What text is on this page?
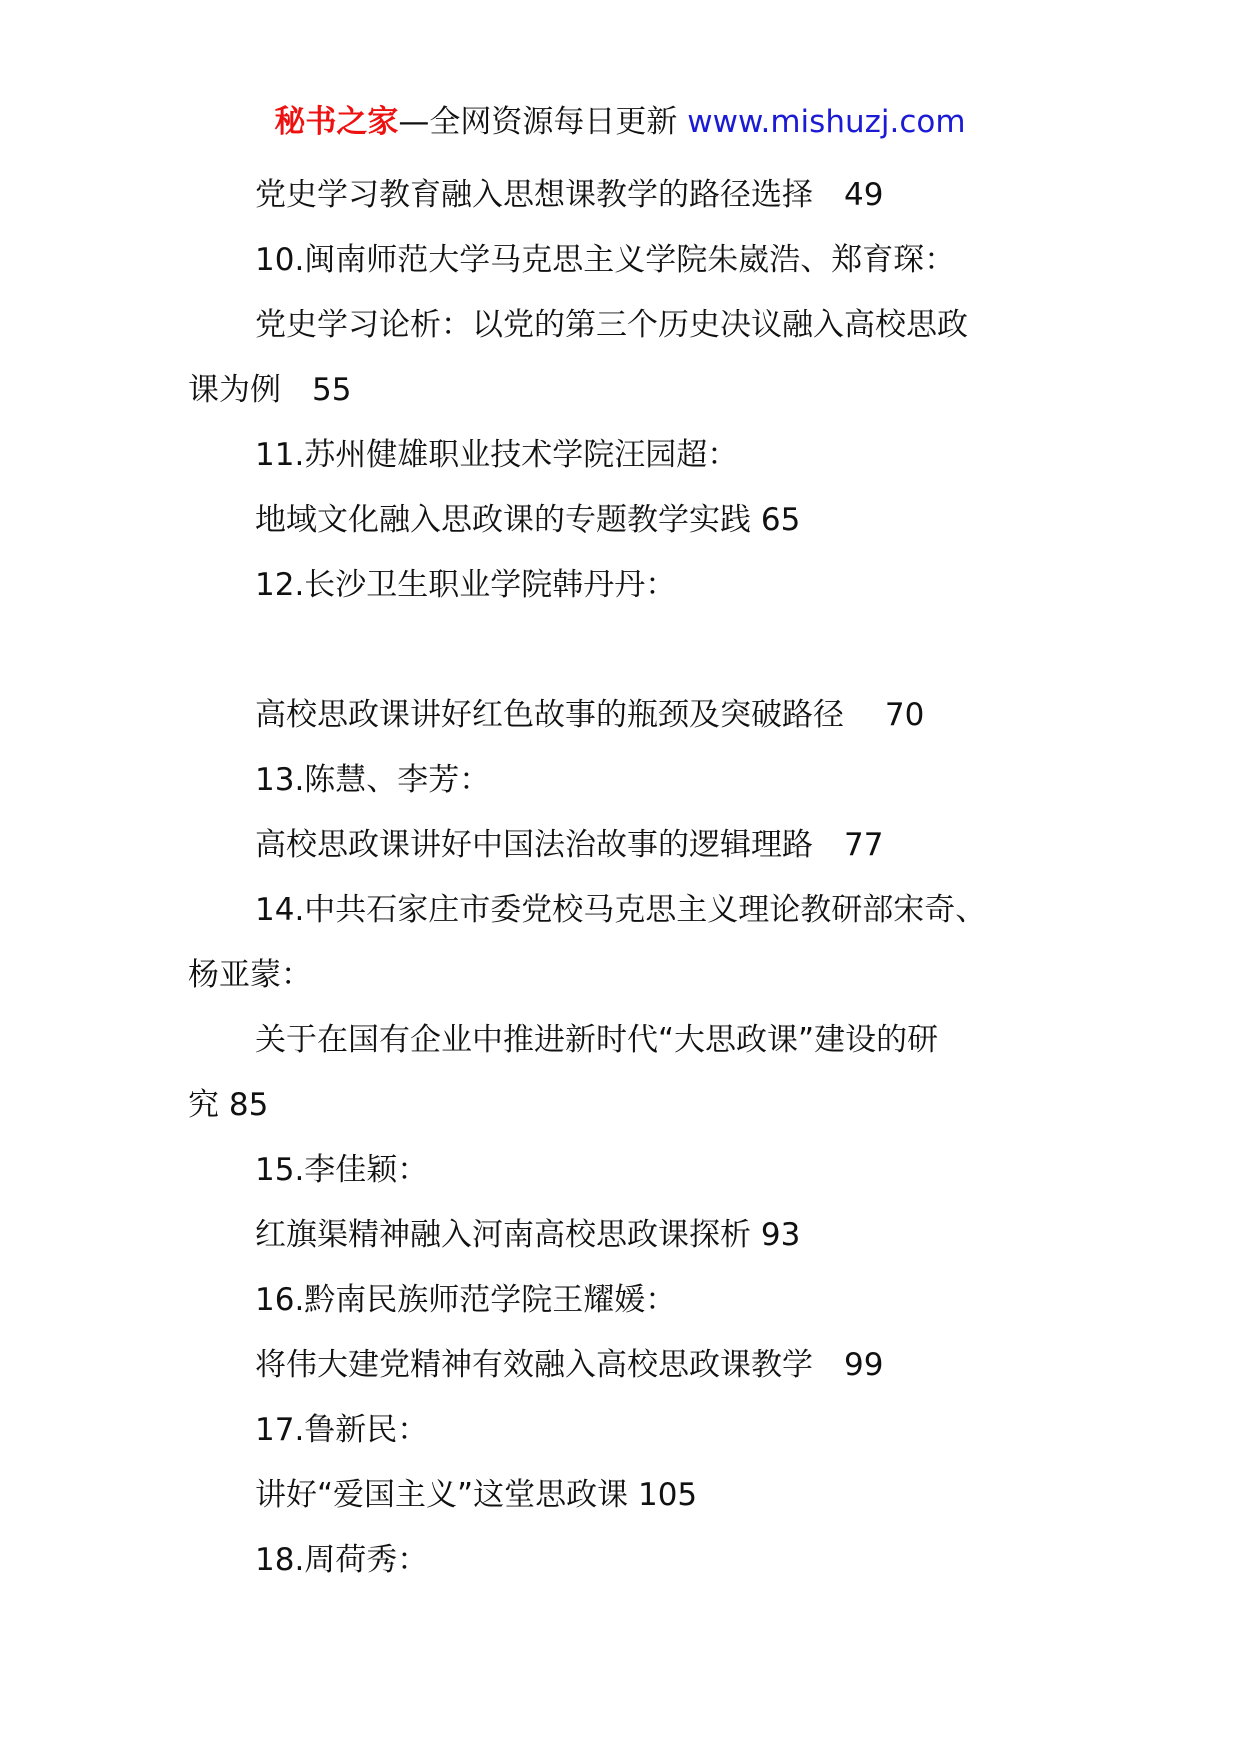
秘书之家—全网资源每日更新 www.mishuzj.com
党史学习教育融入思想课教学的路径选择　49
10.闽南师范大学马克思主义学院朱崴浩、郑育琛：
党史学习论析：以党的第三个历史决议融入高校思政
课为例　55
11.苏州健雄职业技术学院汪园超：
地域文化融入思政课的专题教学实践 65
12.长沙卫生职业学院韩丹丹：
高校思政课讲好红色故事的瓶颈及突破路径　 70
13.陈慧、李芳：
高校思政课讲好中国法治故事的逻辑理路　77
14.中共石家庄市委党校马克思主义理论教研部宋奇、
杨亚蒙：
关于在国有企业中推进新时代“大思政课”建设的研
究 85
15.李佳颖：
红旗渠精神融入河南高校思政课探析 93
16.黔南民族师范学院王耀媛：
将伟大建党精神有效融入高校思政课教学　99
17.鲁新民：
讲好“爱国主义”这堂思政课 105
18.周荷秀：
